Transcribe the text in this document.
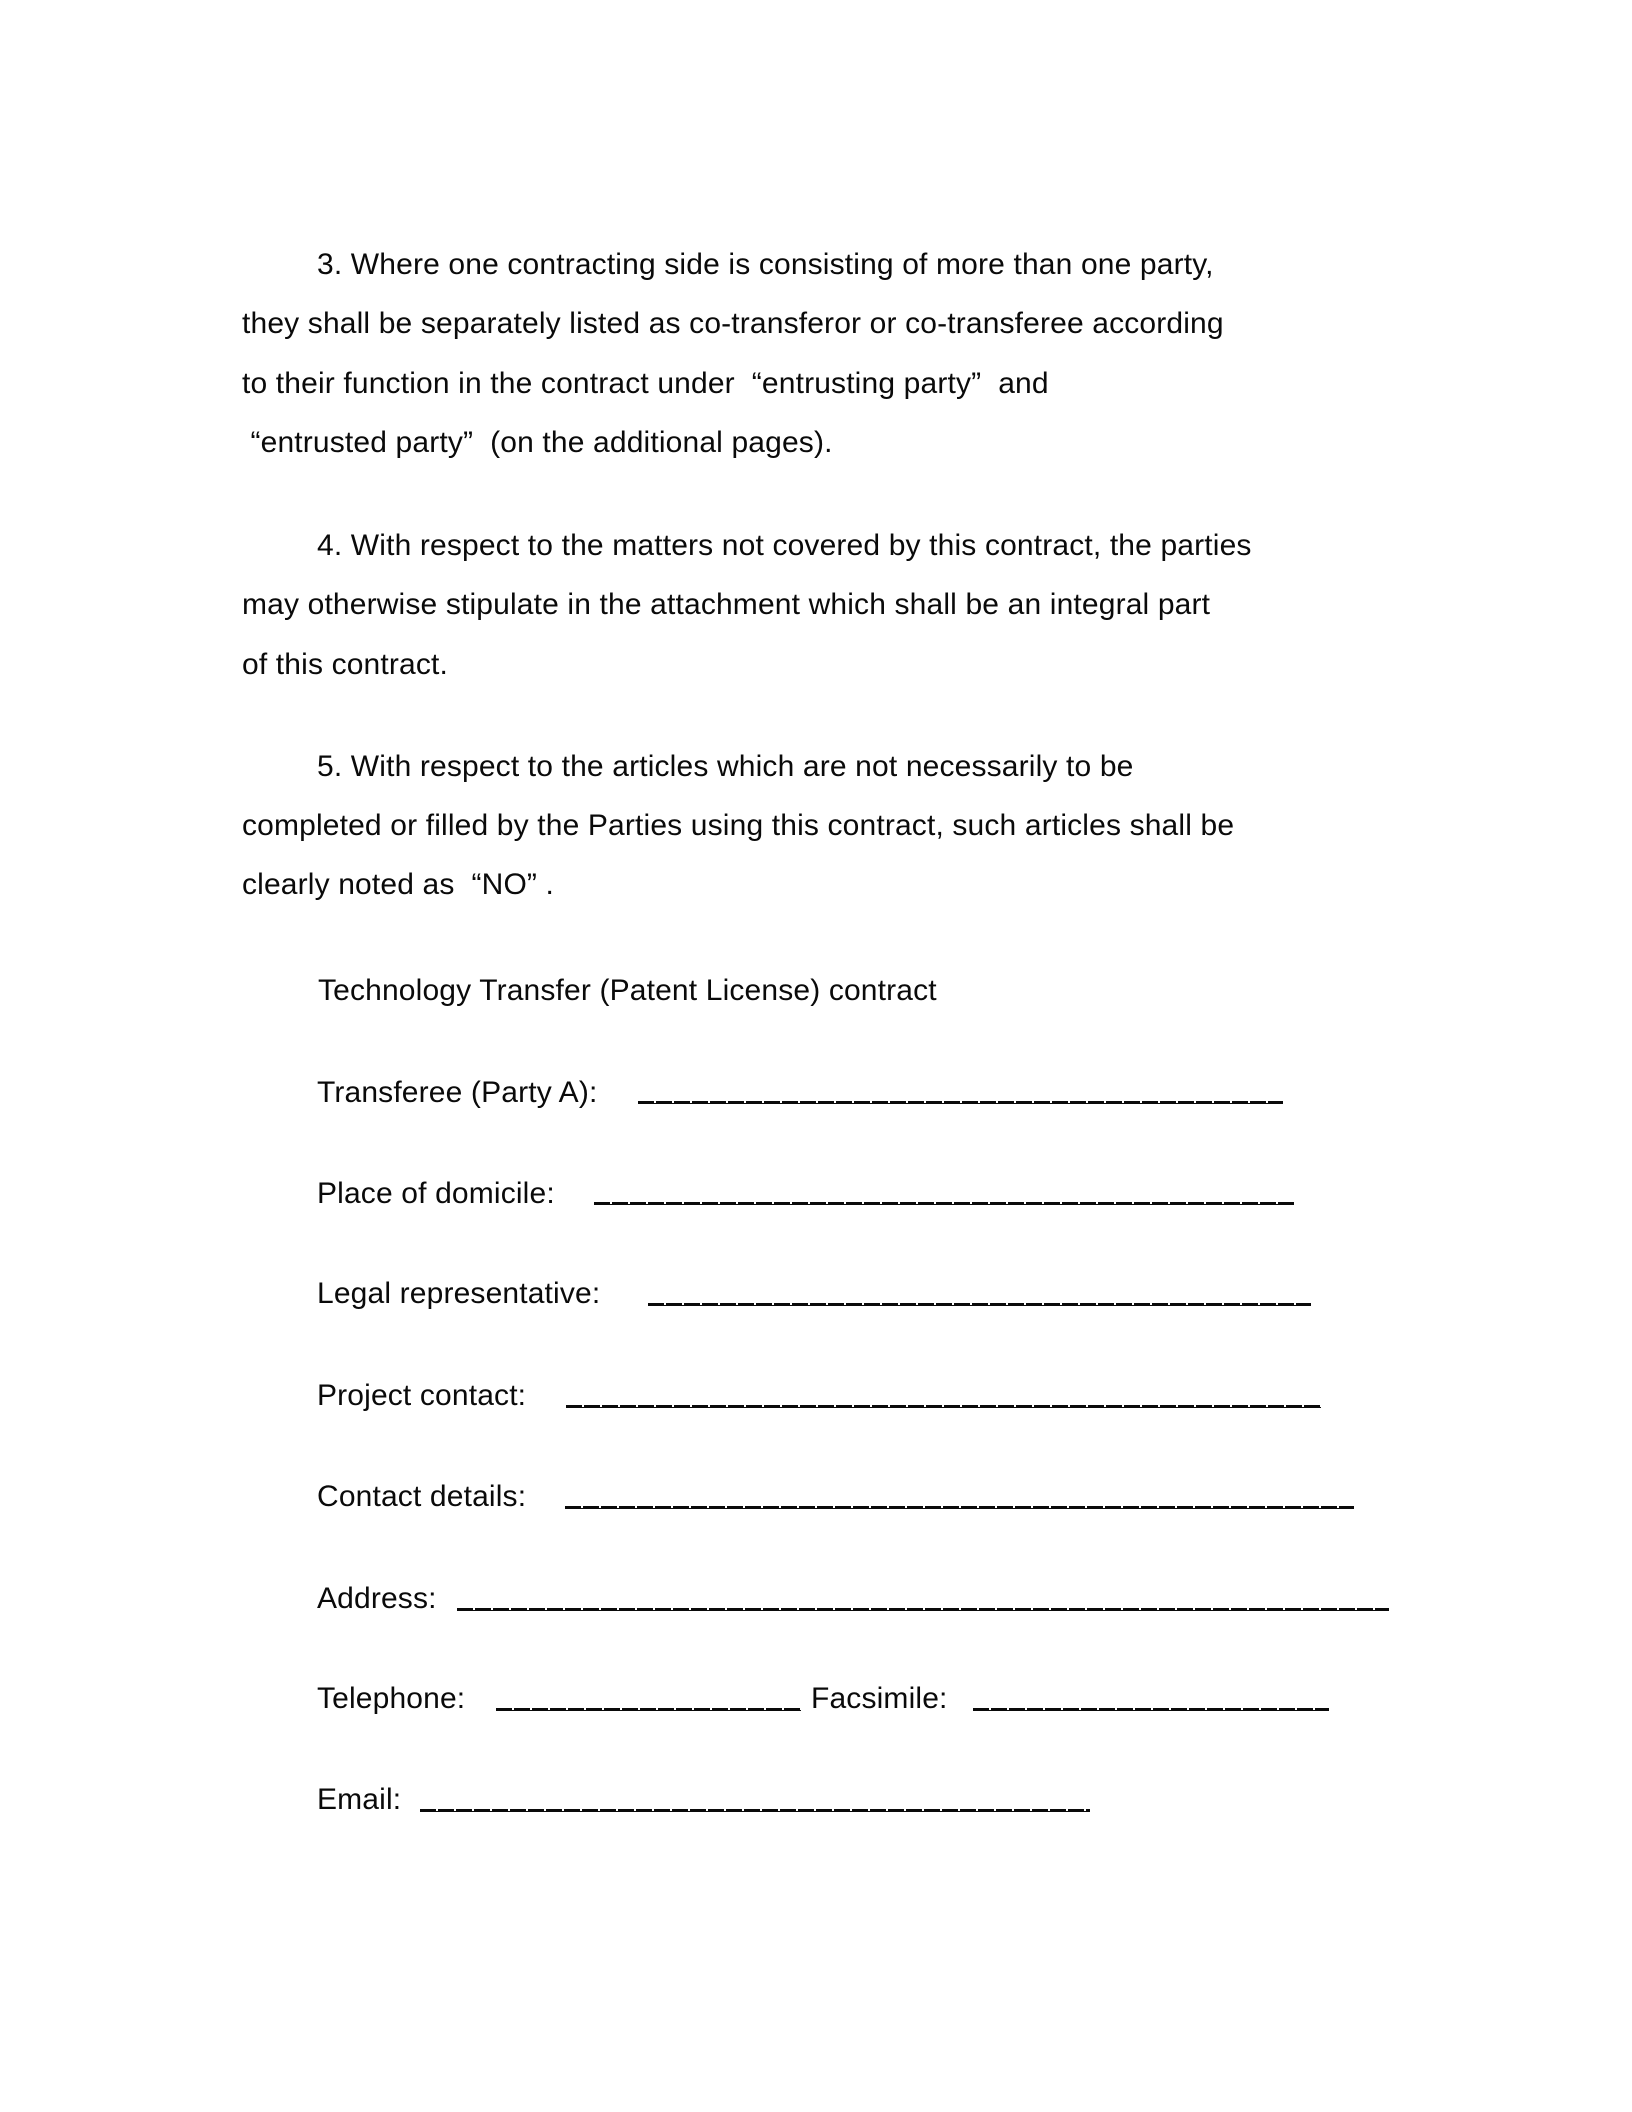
3. Where one contracting side is consisting of more than one party,
they shall be separately listed as co-transferor or co-transferee according
to their function in the contract under  “entrusting party”  and
“entrusted party”  (on the additional pages).
4. With respect to the matters not covered by this contract, the parties
may otherwise stipulate in the attachment which shall be an integral part
of this contract.
5. With respect to the articles which are not necessarily to be
completed or filled by the Parties using this contract, such articles shall be
clearly noted as  “NO” .
Technology Transfer (Patent License) contract
Transferee (Party A):
Place of domicile:
Legal representative:
Project contact:
Contact details:
Address:
Telephone:	Facsimile:
Email:
